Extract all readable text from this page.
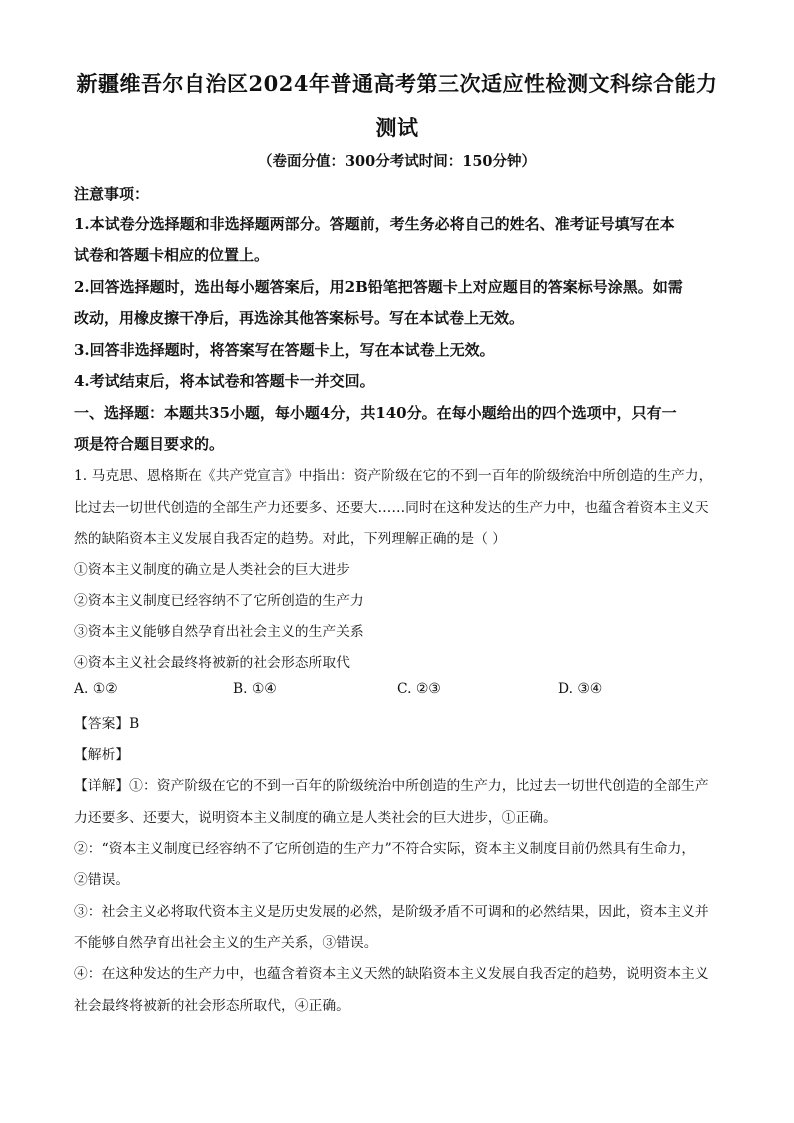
新疆维吾尔自治区2024年普通高考第三次适应性检测文科综合能力
测试
（卷面分值：300分考试时间：150分钟）
注意事项：
1.本试卷分选择题和非选择题两部分。答题前，考生务必将自己的姓名、准考证号填写在本
试卷和答题卡相应的位置上。
2.回答选择题时，选出每小题答案后，用2B铅笔把答题卡上对应题目的答案标号涂黑。如需
改动，用橡皮擦干净后，再选涂其他答案标号。写在本试卷上无效。
3.回答非选择题时，将答案写在答题卡上，写在本试卷上无效。
4.考试结束后，将本试卷和答题卡一并交回。
一、选择题：本题共35小题，每小题4分，共140分。在每小题给出的四个选项中，只有一
项是符合题目要求的。
1. 马克思、恩格斯在《共产党宣言》中指出：资产阶级在它的不到一百年的阶级统治中所创造的生产力，
比过去一切世代创造的全部生产力还要多、还要大……同时在这种发达的生产力中，也蕴含着资本主义天
然的缺陷资本主义发展自我否定的趋势。对此，下列理解正确的是（ ）
①资本主义制度的确立是人类社会的巨大进步
②资本主义制度已经容纳不了它所创造的生产力
③资本主义能够自然孕育出社会主义的生产关系
④资本主义社会最终将被新的社会形态所取代
A. ①②	B. ①④	C. ②③	D. ③④
【答案】B
【解析】
【详解】①：资产阶级在它的不到一百年的阶级统治中所创造的生产力，比过去一切世代创造的全部生产
力还要多、还要大，说明资本主义制度的确立是人类社会的巨大进步，①正确。
②：“资本主义制度已经容纳不了它所创造的生产力”不符合实际，资本主义制度目前仍然具有生命力，
②错误。
③：社会主义必将取代资本主义是历史发展的必然，是阶级矛盾不可调和的必然结果，因此，资本主义并
不能够自然孕育出社会主义的生产关系，③错误。
④：在这种发达的生产力中，也蕴含着资本主义天然的缺陷资本主义发展自我否定的趋势，说明资本主义
社会最终将被新的社会形态所取代，④正确。
